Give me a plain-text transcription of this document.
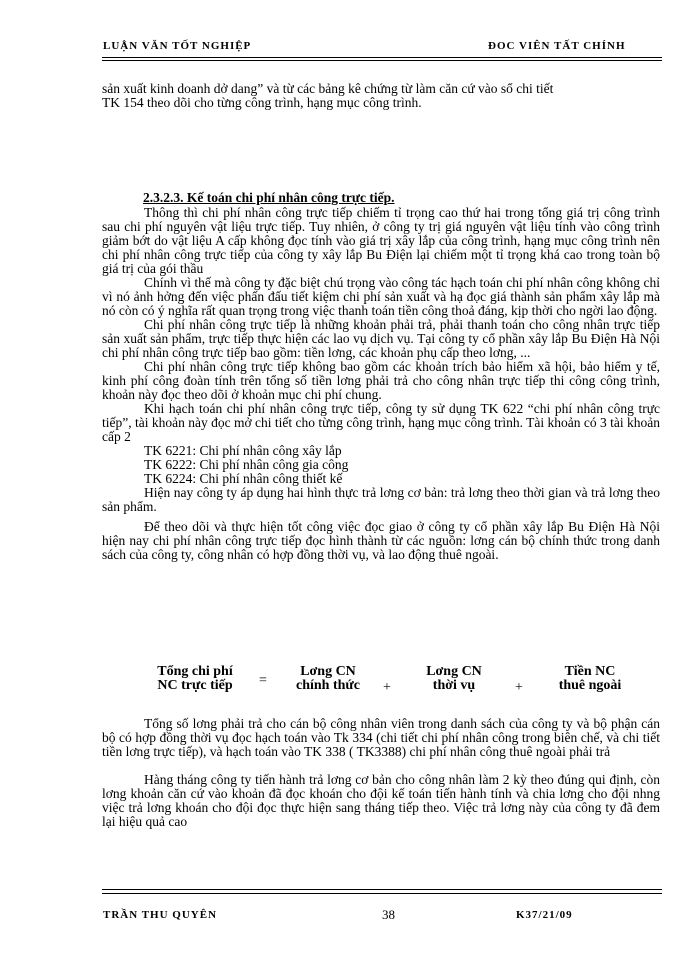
LUẬN VĂN TỐT NGHIỆP	ĐOC VIÊN TẤT CHÍNH

sản xuất kinh doanh dở dang” và từ các bảng kê chứng từ làm căn cứ vào sổ chi tiết

TK 154 theo dõi cho từng công trình, hạng mục công trình.

2.3.2.3. Kế toán chi phí nhân công trực tiếp.

Thông thì chi phí nhân công trực tiếp chiếm tỉ trọng cao thứ hai trong tổng giá trị công trình sau chi phí nguyên vật liệu trực tiếp. Tuy nhiên, ở công ty trị giá nguyên vật liệu tính vào công trình giảm bớt do vật liệu A cấp không đọc tính vào giá trị xây lắp của công trình, hạng mục công trình nên chi phí nhân công trực tiếp của công ty xây lắp Bu Điện lại chiếm một tỉ trọng khá cao trong toàn bộ giá trị của gói thầu

Chính vì thế mà công ty đặc biệt chú trọng vào công tác hạch toán chi phí nhân công không chỉ vì nó ảnh hởng đến việc phấn đấu tiết kiệm chi phí sản xuất và hạ đọc giá thành sản phẩm xây lắp mà nó còn có ý nghĩa rất quan trọng trong việc thanh toán tiền công thoả đáng, kịp thời cho ngời lao động.

Chi phí nhân công trực tiếp là những khoản phải trả, phải thanh toán cho công nhân trực tiếp sản xuất sản phẩm, trực tiếp thực hiện các lao vụ dịch vụ. Tại công ty cổ phần xây lắp Bu Điện Hà Nội chi phí nhân công trực tiếp bao gồm: tiền lơng, các khoản phụ cấp theo lơng, ...

Chi phí nhân công trực tiếp không bao gồm các khoản trích bảo hiểm xã hội, bảo hiểm y tế, kinh phí công đoàn tính trên tổng số tiền lơng phải trả cho công nhân trực tiếp thi công công trình, khoản này đọc theo dõi ở khoản mục chi phí chung.

Khi hạch toán chi phí nhân công trực tiếp, công ty sử dụng TK 622 “chi phí nhân công trực tiếp”, tài khoản này đọc mở chi tiết cho từng công trình, hạng mục công trình. Tài khoản có 3 tài khoản cấp 2

TK 6221: Chi phí nhân công xây lắp

TK 6222: Chi phí nhân công gia công

TK 6224: Chi phí nhân công thiết kế

Hiện nay công ty áp dụng hai hình thực trả lơng cơ bản: trả lơng theo thời gian và trả lơng theo sản phẩm.

Để theo dõi và thực hiện tốt công việc đọc giao ở công ty cổ phần xây lắp Bu Điện Hà Nội hiện nay chi phí nhân công trực tiếp đọc hình thành từ các nguồn: lơng cán bộ chính thức trong danh sách của công ty, công nhân có hợp đồng thời vụ, và lao động thuê ngoài.

Tổng chi phí
NC trực tiếp	=
Lơng CN
chính thức	+
Lơng CN
thời vụ	+
Tiền NC
thuê ngoài

Tổng số lơng phải trả cho cán bộ công nhân viên trong danh sách của công ty và bộ phận cán bộ có hợp đồng thời vụ đọc hạch toán vào Tk 334 (chi tiết chi phí nhân công trong biên chế, và chi tiết tiền lơng trực tiếp), và hạch toán vào TK 338 ( TK3388) chi phí nhân công thuê ngoài phải trả

Hàng tháng công ty tiến hành trả lơng cơ bản cho công nhân làm 2 kỳ theo đúng qui định, còn lơng khoản căn cứ vào khoản đã đọc khoán cho đội kế toán tiến hành tính và chia lơng cho đội nhng việc trả lơng khoán cho đội đọc thực hiện sang tháng tiếp theo. Việc trả lơng này của công ty đã đem lại hiệu quả cao

TRẦN THU QUYÊN	38	K37/21/09
